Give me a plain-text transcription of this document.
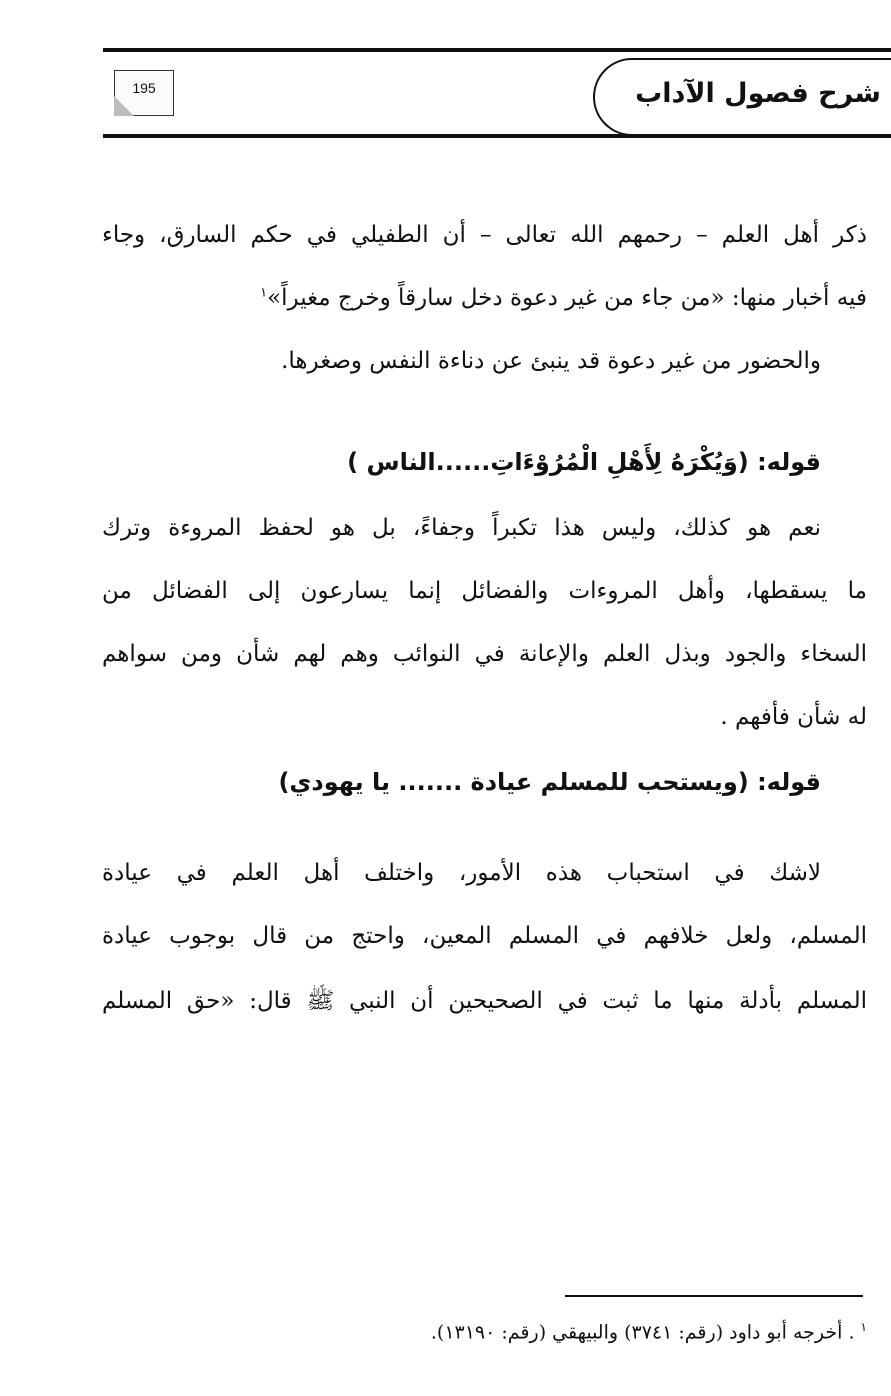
شرح فصول الآداب
195
ذكر أهل العلم – رحمهم الله تعالى – أن الطفيلي في حكم السارق، وجاء
فيه أخبار منها: «من جاء من غير دعوة دخل سارقاً وخرج مغيراً»$^١$
والحضور من غير دعوة قد ينبئ عن دناءة النفس وصغرها.
قوله: (وَيُكْرَهُ لِأَهْلِ الْمُرُوْءَاتِ......الناس )
نعم هو كذلك، وليس هذا تكبراً وجفاءً، بل هو لحفظ المروءة وترك
ما يسقطها، وأهل المروءات والفضائل إنما يسارعون إلى الفضائل من
السخاء والجود وبذل العلم والإعانة في النوائب وهم لهم شأن ومن سواهم
له شأن فأفهم .
قوله: (ويستحب للمسلم عيادة ....... يا يهودي)
لاشك في استحباب هذه الأمور، واختلف أهل العلم في عيادة
المسلم، ولعل خلافهم في المسلم المعين، واحتج من قال بوجوب عيادة
المسلم بأدلة منها ما ثبت في الصحيحين أن النبي ﷺ قال: «حق المسلم
$^١$ . أخرجه أبو داود (رقم: ٣٧٤١) والبيهقي (رقم: ١٣١٩٠).
